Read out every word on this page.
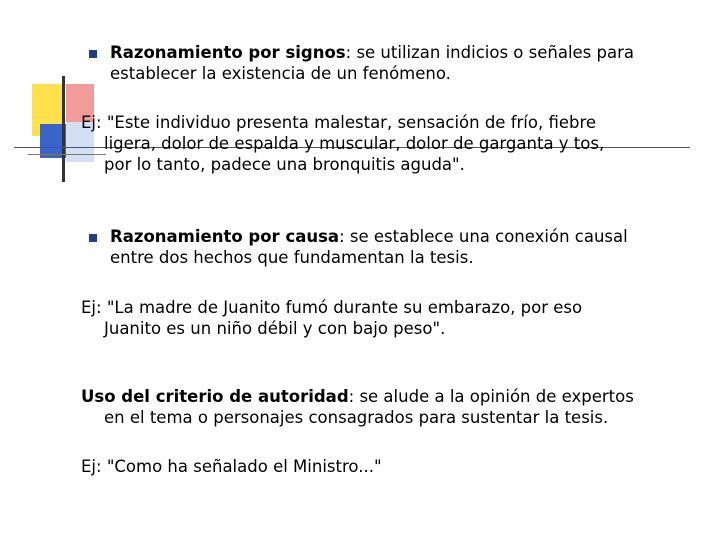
Razonamiento por signos: se utilizan indicios o señales para
establecer la existencia de un fenómeno.
Ej: "Este individuo presenta malestar, sensación de frío, fiebre
ligera, dolor de espalda y muscular, dolor de garganta y tos,
por lo tanto, padece una bronquitis aguda".
Razonamiento por causa: se establece una conexión causal
entre dos hechos que fundamentan la tesis.
Ej: "La madre de Juanito fumó durante su embarazo, por eso
Juanito es un niño débil y con bajo peso".
Uso del criterio de autoridad: se alude a la opinión de expertos
en el tema o personajes consagrados para sustentar la tesis.
Ej: "Como ha señalado el Ministro..."
